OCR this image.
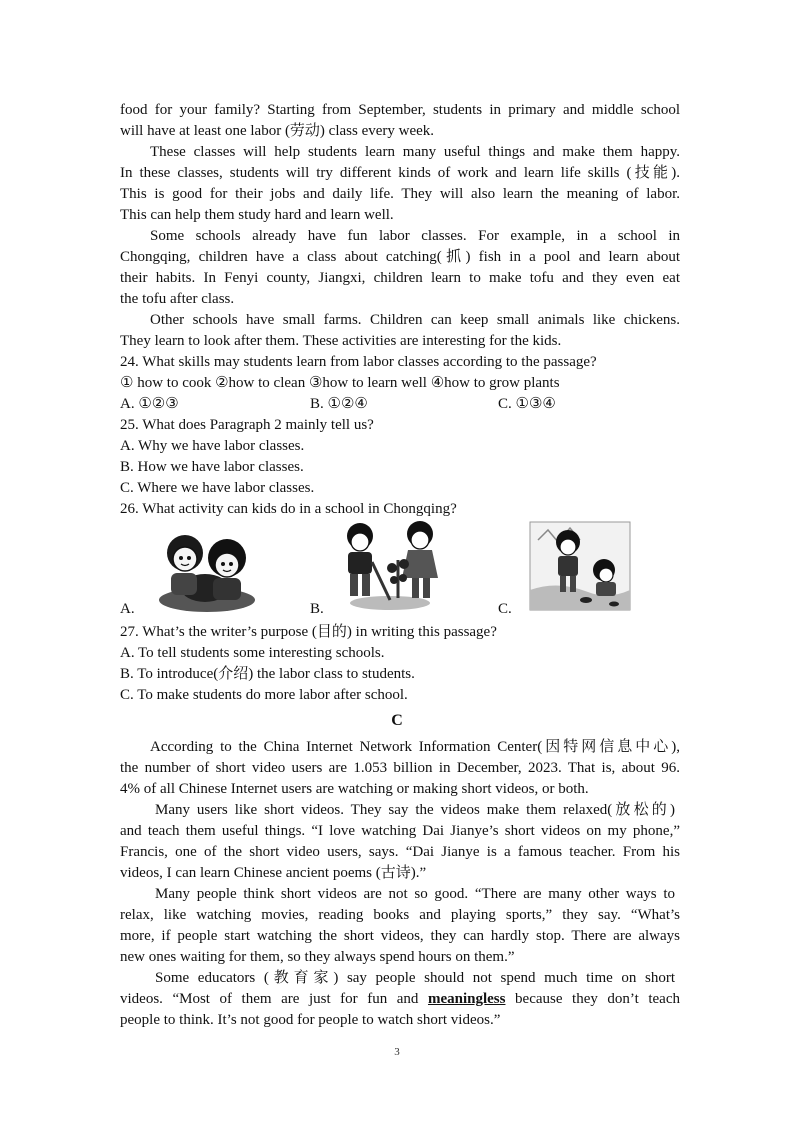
food for your family? Starting from September, students in primary and middle school
will have at least one labor (劳动) class every week.
These classes will help students learn many useful things and make them happy.
In these classes, students will try different kinds of work and learn life skills (技能).
This is good for their jobs and daily life. They will also learn the meaning of labor.
This can help them study hard and learn well.
Some schools already have fun labor classes. For example, in a school in
Chongqing, children have a class about catching(抓) fish in a pool and learn about
their habits. In Fenyi county, Jiangxi, children learn to make tofu and they even eat
the tofu after class.
Other schools have small farms. Children can keep small animals like chickens.
They learn to look after them. These activities are interesting for the kids.
24. What skills may students learn from labor classes according to the passage?
① how to cook ②how to clean ③how to learn well ④how to grow plants
A. ①②③	B. ①②④	C. ①③④
25. What does Paragraph 2 mainly tell us?
A. Why we have labor classes.
B. How we have labor classes.
C. Where we have labor classes.
26. What activity can kids do in a school in Chongqing?
A.	B.	C.
27. What’s the writer’s purpose (目的) in writing this passage?
A. To tell students some interesting schools.
B. To introduce(介绍) the labor class to students.
C. To make students do more labor after school.
C
According to the China Internet Network Information Center(因特网信息中心),
the number of short video users are 1.053 billion in December, 2023. That is, about 96.
4% of all Chinese Internet users are watching or making short videos, or both.
Many users like short videos. They say the videos make them relaxed(放松的)
and teach them useful things. “I love watching Dai Jianye’s short videos on my phone,”
Francis, one of the short video users, says. “Dai Jianye is a famous teacher. From his
videos, I can learn Chinese ancient poems (古诗).”
Many people think short videos are not so good. “There are many other ways to
relax, like watching movies, reading books and playing sports,” they say. “What’s
more, if people start watching the short videos, they can hardly stop. There are always
new ones waiting for them, so they always spend hours on them.”
Some educators (教育家) say people should not spend much time on short
videos. “Most of them are just for fun and meaningless because they don’t teach
people to think. It’s not good for people to watch short videos.”
3
